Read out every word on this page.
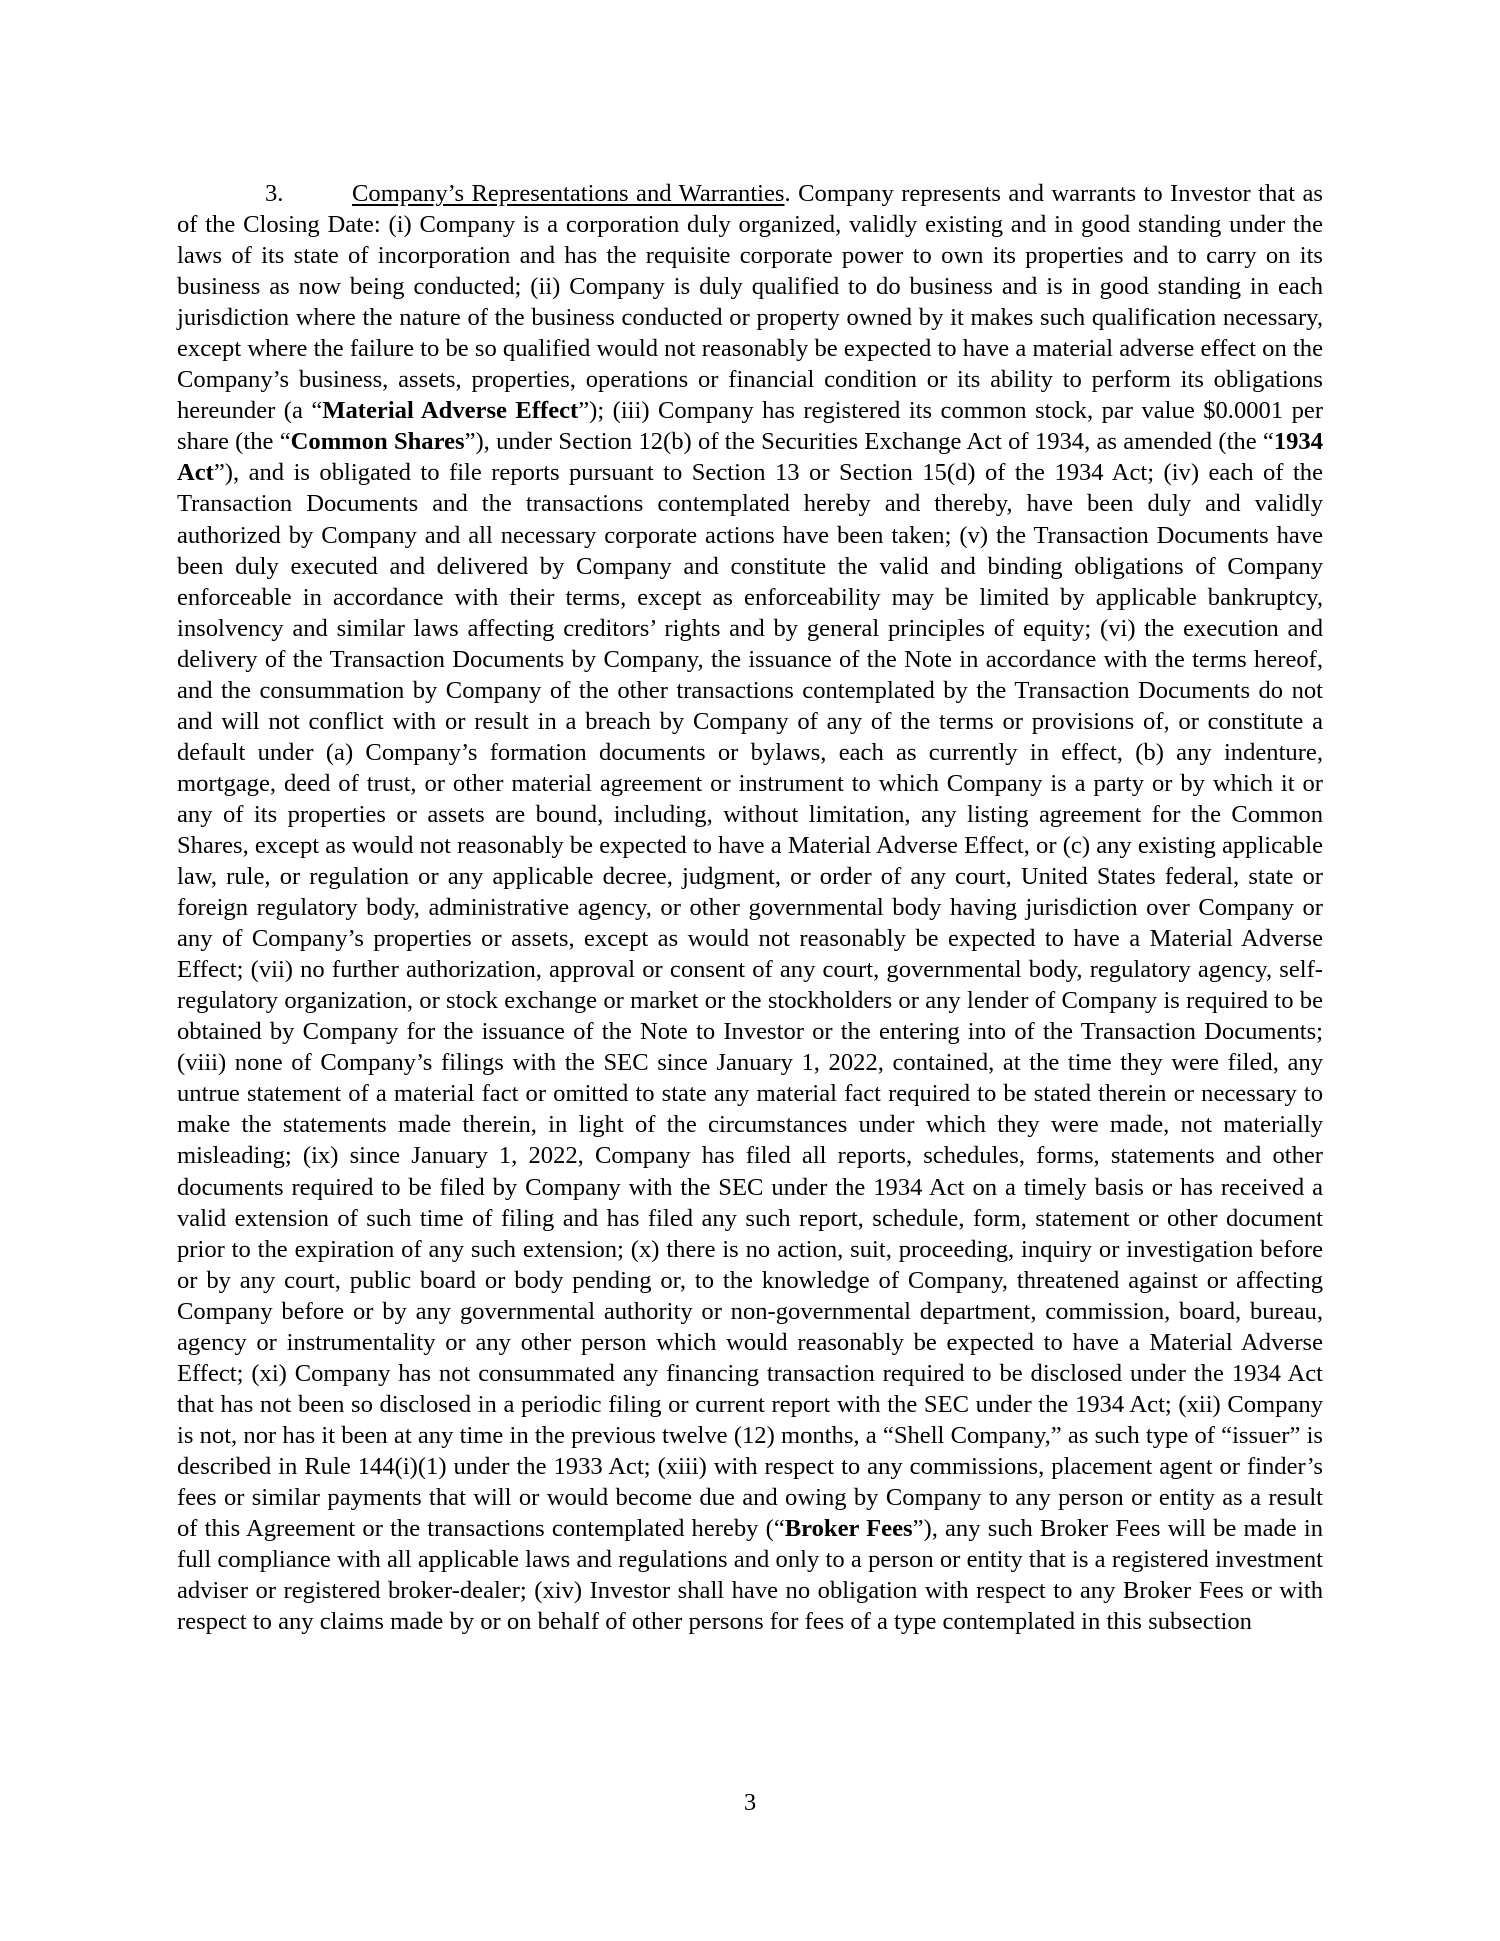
3.	Company’s Representations and Warranties. Company represents and warrants to Investor that as of the Closing Date: (i) Company is a corporation duly organized, validly existing and in good standing under the laws of its state of incorporation and has the requisite corporate power to own its properties and to carry on its business as now being conducted; (ii) Company is duly qualified to do business and is in good standing in each jurisdiction where the nature of the business conducted or property owned by it makes such qualification necessary, except where the failure to be so qualified would not reasonably be expected to have a material adverse effect on the Company’s business, assets, properties, operations or financial condition or its ability to perform its obligations hereunder (a “Material Adverse Effect”); (iii) Company has registered its common stock, par value $0.0001 per share (the “Common Shares”), under Section 12(b) of the Securities Exchange Act of 1934, as amended (the “1934 Act”), and is obligated to file reports pursuant to Section 13 or Section 15(d) of the 1934 Act; (iv) each of the Transaction Documents and the transactions contemplated hereby and thereby, have been duly and validly authorized by Company and all necessary corporate actions have been taken; (v) the Transaction Documents have been duly executed and delivered by Company and constitute the valid and binding obligations of Company enforceable in accordance with their terms, except as enforceability may be limited by applicable bankruptcy, insolvency and similar laws affecting creditors’ rights and by general principles of equity; (vi) the execution and delivery of the Transaction Documents by Company, the issuance of the Note in accordance with the terms hereof, and the consummation by Company of the other transactions contemplated by the Transaction Documents do not and will not conflict with or result in a breach by Company of any of the terms or provisions of, or constitute a default under (a) Company’s formation documents or bylaws, each as currently in effect, (b) any indenture, mortgage, deed of trust, or other material agreement or instrument to which Company is a party or by which it or any of its properties or assets are bound, including, without limitation, any listing agreement for the Common Shares, except as would not reasonably be expected to have a Material Adverse Effect, or (c) any existing applicable law, rule, or regulation or any applicable decree, judgment, or order of any court, United States federal, state or foreign regulatory body, administrative agency, or other governmental body having jurisdiction over Company or any of Company’s properties or assets, except as would not reasonably be expected to have a Material Adverse Effect; (vii) no further authorization, approval or consent of any court, governmental body, regulatory agency, self-regulatory organization, or stock exchange or market or the stockholders or any lender of Company is required to be obtained by Company for the issuance of the Note to Investor or the entering into of the Transaction Documents; (viii) none of Company’s filings with the SEC since January 1, 2022, contained, at the time they were filed, any untrue statement of a material fact or omitted to state any material fact required to be stated therein or necessary to make the statements made therein, in light of the circumstances under which they were made, not materially misleading; (ix) since January 1, 2022, Company has filed all reports, schedules, forms, statements and other documents required to be filed by Company with the SEC under the 1934 Act on a timely basis or has received a valid extension of such time of filing and has filed any such report, schedule, form, statement or other document prior to the expiration of any such extension; (x) there is no action, suit, proceeding, inquiry or investigation before or by any court, public board or body pending or, to the knowledge of Company, threatened against or affecting Company before or by any governmental authority or non-governmental department, commission, board, bureau, agency or instrumentality or any other person which would reasonably be expected to have a Material Adverse Effect; (xi) Company has not consummated any financing transaction required to be disclosed under the 1934 Act that has not been so disclosed in a periodic filing or current report with the SEC under the 1934 Act; (xii) Company is not, nor has it been at any time in the previous twelve (12) months, a “Shell Company,” as such type of “issuer” is described in Rule 144(i)(1) under the 1933 Act; (xiii) with respect to any commissions, placement agent or finder’s fees or similar payments that will or would become due and owing by Company to any person or entity as a result of this Agreement or the transactions contemplated hereby (“Broker Fees”), any such Broker Fees will be made in full compliance with all applicable laws and regulations and only to a person or entity that is a registered investment adviser or registered broker-dealer; (xiv) Investor shall have no obligation with respect to any Broker Fees or with respect to any claims made by or on behalf of other persons for fees of a type contemplated in this subsection

3
